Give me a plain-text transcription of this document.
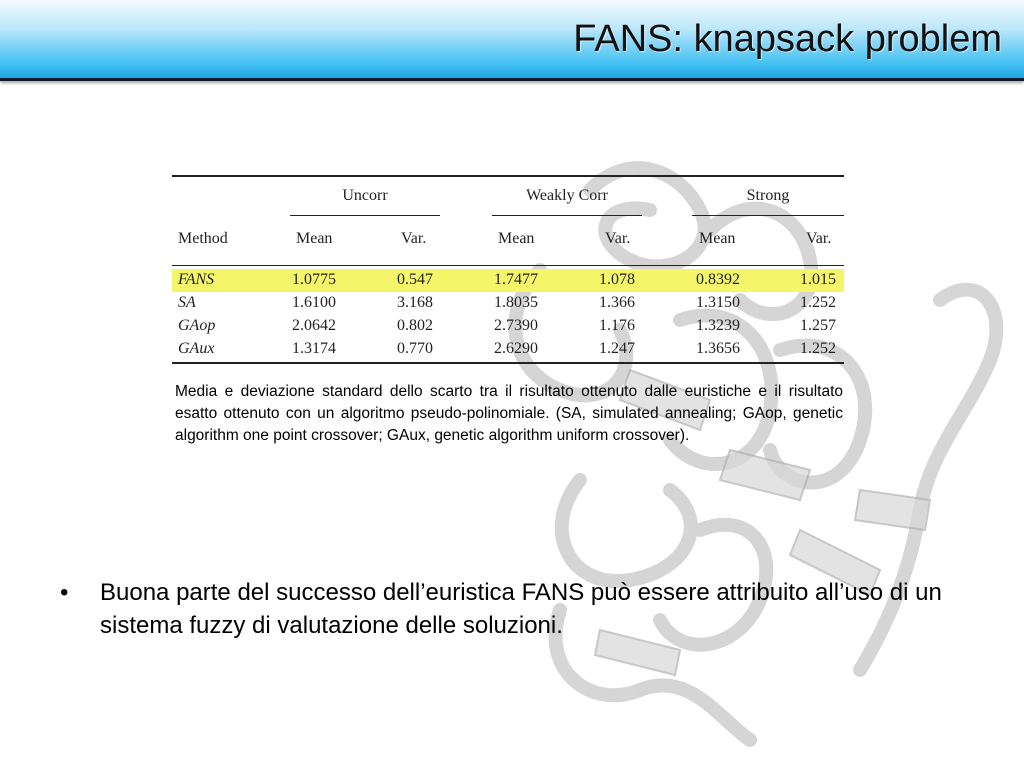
FANS: knapsack problem
Uncorr	Weakly Corr	Strong
Method	Mean	Var.	Mean	Var.	Mean	Var.
FANS	1.0775	0.547	1.7477	1.078	0.8392	1.015
SA	1.6100	3.168	1.8035	1.366	1.3150	1.252
GAop	2.0642	0.802	2.7390	1.176	1.3239	1.257
GAux	1.3174	0.770	2.6290	1.247	1.3656	1.252
Media e deviazione standard dello scarto tra il risultato ottenuto dalle euristiche e il risultato esatto ottenuto con un algoritmo pseudo-polinomiale. (SA, simulated annealing; GAop, genetic algorithm one point crossover; GAux, genetic algorithm uniform crossover).
• Buona parte del successo dell’euristica FANS può essere attribuito all’uso di un sistema fuzzy di valutazione delle soluzioni.
